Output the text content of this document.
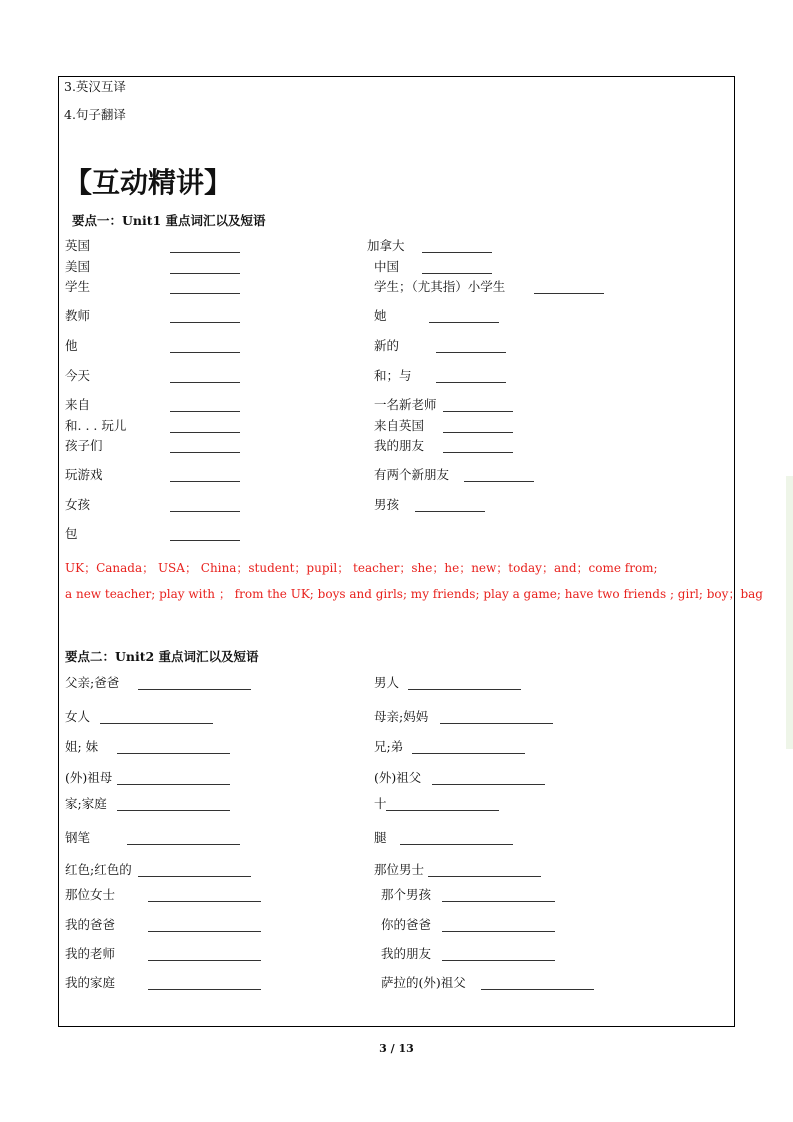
3.英汉互译
4.句子翻译
【互动精讲】
要点一：Unit1 重点词汇以及短语
英国	加拿大
美国	中国
学生	学生；（尤其指）小学生
教师	她
他	新的
今天	和；与
来自	一名新老师
和. . . 玩儿	来自英国
孩子们	我的朋友
玩游戏	有两个新朋友
女孩	男孩
包
UK；Canada； USA； China；student；pupil； teacher；she；he；new；today；and；come from;
a new teacher; play with ； from the UK; boys and girls; my friends; play a game; have two friends ; girl; boy；bag
要点二：Unit2 重点词汇以及短语
父亲;爸爸	男人
女人	母亲;妈妈
姐; 妹	兄;弟
(外)祖母	(外)祖父
家;家庭	十
钢笔	腿
红色;红色的	那位男士
那位女士	那个男孩
我的爸爸	你的爸爸
我的老师	我的朋友
我的家庭	萨拉的(外)祖父
3 / 13
